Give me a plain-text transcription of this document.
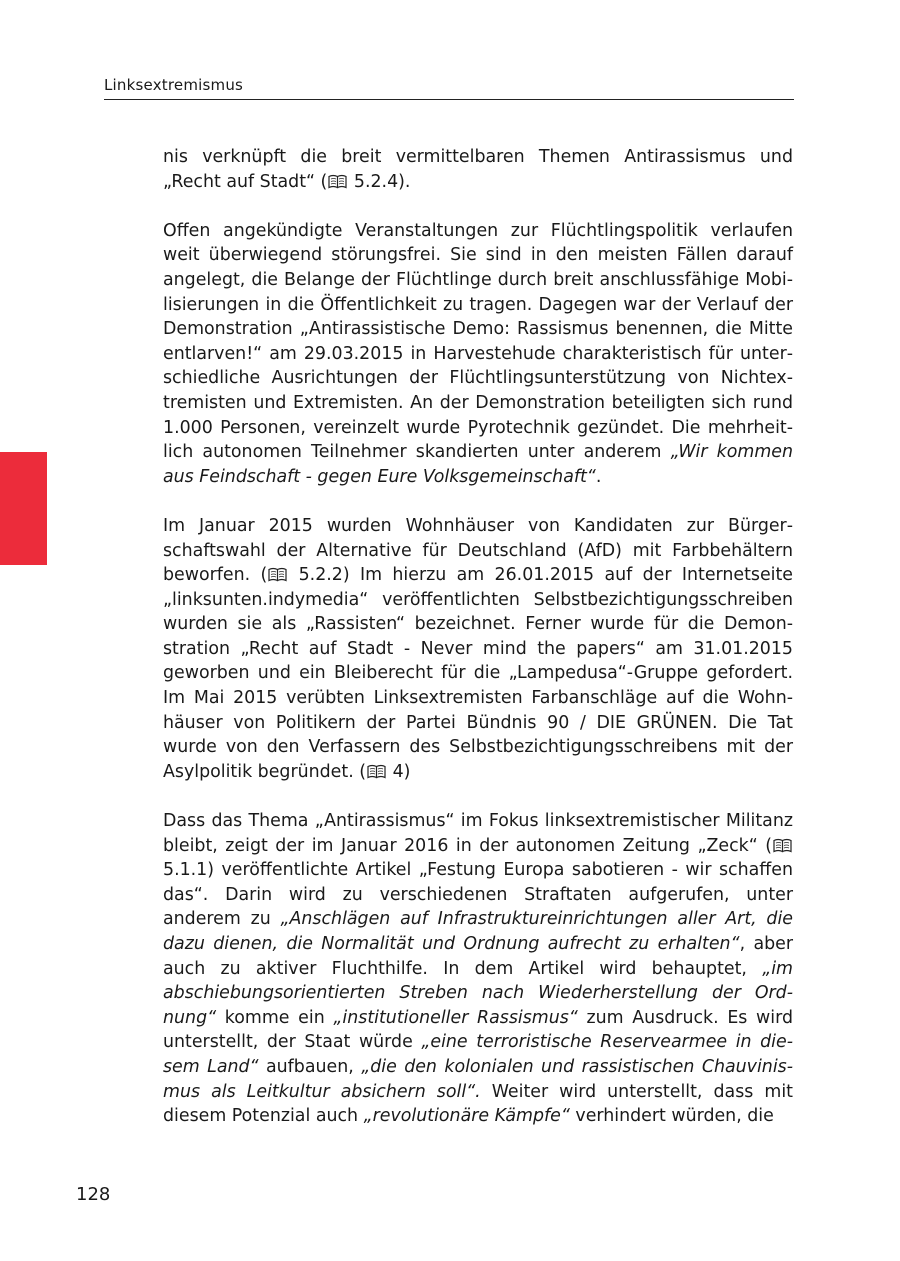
Linksextremismus

nis verknüpft die breit vermittelbaren Themen Antirassismus und „Recht auf Stadt“ ( 5.2.4).

Offen angekündigte Veranstaltungen zur Flüchtlingspolitik verlaufen weit überwiegend störungsfrei. Sie sind in den meisten Fällen darauf angelegt, die Belange der Flüchtlinge durch breit anschlussfähige Mobilisierungen in die Öffentlichkeit zu tragen. Dagegen war der Verlauf der Demonstration „Antirassistische Demo: Rassismus benennen, die Mitte entlarven!“ am 29.03.2015 in Harvestehude charakteristisch für unterschiedliche Ausrichtungen der Flüchtlingsunterstützung von Nichtextremisten und Extremisten. An der Demonstration beteiligten sich rund 1.000 Personen, vereinzelt wurde Pyrotechnik gezündet. Die mehrheitlich autonomen Teilnehmer skandierten unter anderem „Wir kommen aus Feindschaft - gegen Eure Volksgemeinschaft“.

Im Januar 2015 wurden Wohnhäuser von Kandidaten zur Bürgerschaftswahl der Alternative für Deutschland (AfD) mit Farbbehältern beworfen. ( 5.2.2) Im hierzu am 26.01.2015 auf der Internetseite „linksunten.indymedia“ veröffentlichten Selbstbezichtigungsschreiben wurden sie als „Rassisten“ bezeichnet. Ferner wurde für die Demonstration „Recht auf Stadt - Never mind the papers“ am 31.01.2015 geworben und ein Bleiberecht für die „Lampedusa“-Gruppe gefordert. Im Mai 2015 verübten Linksextremisten Farbanschläge auf die Wohnhäuser von Politikern der Partei Bündnis 90 / DIE GRÜNEN. Die Tat wurde von den Verfassern des Selbstbezichtigungsschreibens mit der Asylpolitik begründet. ( 4)

Dass das Thema „Antirassismus“ im Fokus linksextremistischer Militanz bleibt, zeigt der im Januar 2016 in der autonomen Zeitung „Zeck“ ( 5.1.1) veröffentlichte Artikel „Festung Europa sabotieren - wir schaffen das“. Darin wird zu verschiedenen Straftaten aufgerufen, unter anderem zu „Anschlägen auf Infrastruktureinrichtungen aller Art, die dazu dienen, die Normalität und Ordnung aufrecht zu erhalten“, aber auch zu aktiver Fluchthilfe. In dem Artikel wird behauptet, „im abschiebungsorientierten Streben nach Wiederherstellung der Ordnung“ komme ein „institutioneller Rassismus“ zum Ausdruck. Es wird unterstellt, der Staat würde „eine terroristische Reservearmee in diesem Land“ aufbauen, „die den kolonialen und rassistischen Chauvinismus als Leitkultur absichern soll“. Weiter wird unterstellt, dass mit diesem Potenzial auch „revolutionäre Kämpfe“ verhindert würden, die

128
